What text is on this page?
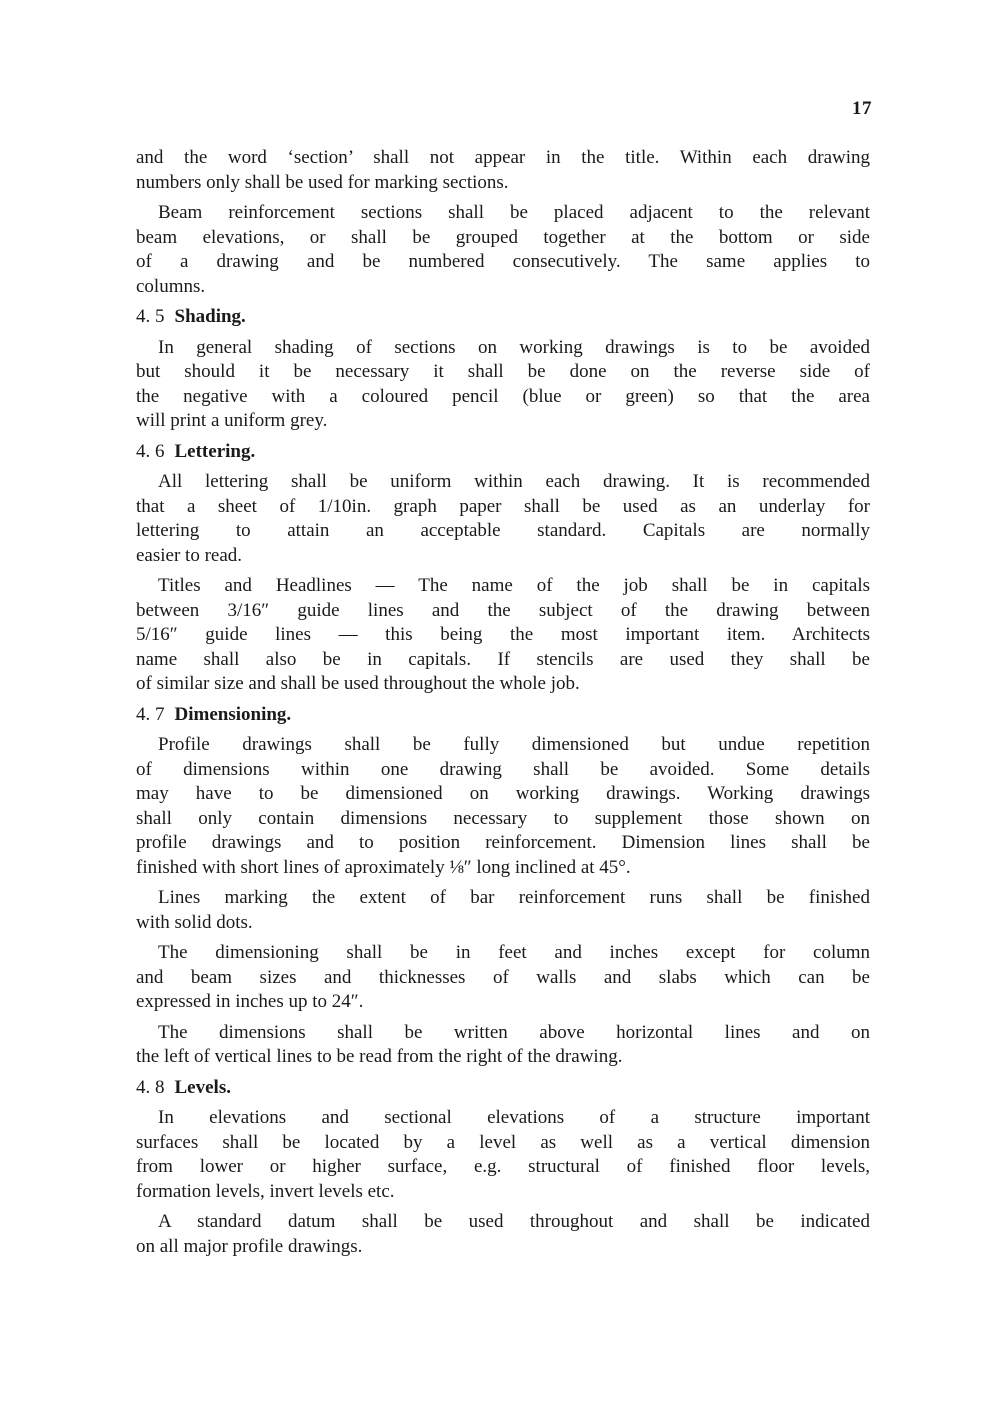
17
and the word ‘section’ shall not appear in the title. Within each drawing
numbers only shall be used for marking sections.
Beam reinforcement sections shall be placed adjacent to the relevant
beam elevations, or shall be grouped together at the bottom or side
of a drawing and be numbered consecutively. The same applies to
columns.
4. 5 Shading.
In general shading of sections on working drawings is to be avoided
but should it be necessary it shall be done on the reverse side of
the negative with a coloured pencil (blue or green) so that the area
will print a uniform grey.
4. 6 Lettering.
All lettering shall be uniform within each drawing. It is recommended
that a sheet of 1/10in. graph paper shall be used as an underlay for
lettering to attain an acceptable standard. Capitals are normally
easier to read.
Titles and Headlines — The name of the job shall be in capitals
between 3/16″ guide lines and the subject of the drawing between
5/16″ guide lines — this being the most important item. Architects
name shall also be in capitals. If stencils are used they shall be
of similar size and shall be used throughout the whole job.
4. 7 Dimensioning.
Profile drawings shall be fully dimensioned but undue repetition
of dimensions within one drawing shall be avoided. Some details
may have to be dimensioned on working drawings. Working drawings
shall only contain dimensions necessary to supplement those shown on
profile drawings and to position reinforcement. Dimension lines shall be
finished with short lines of aproximately ⅛″ long inclined at 45°.
Lines marking the extent of bar reinforcement runs shall be finished
with solid dots.
The dimensioning shall be in feet and inches except for column
and beam sizes and thicknesses of walls and slabs which can be
expressed in inches up to 24″.
The dimensions shall be written above horizontal lines and on
the left of vertical lines to be read from the right of the drawing.
4. 8 Levels.
In elevations and sectional elevations of a structure important
surfaces shall be located by a level as well as a vertical dimension
from lower or higher surface, e.g. structural of finished floor levels,
formation levels, invert levels etc.
A standard datum shall be used throughout and shall be indicated
on all major profile drawings.
